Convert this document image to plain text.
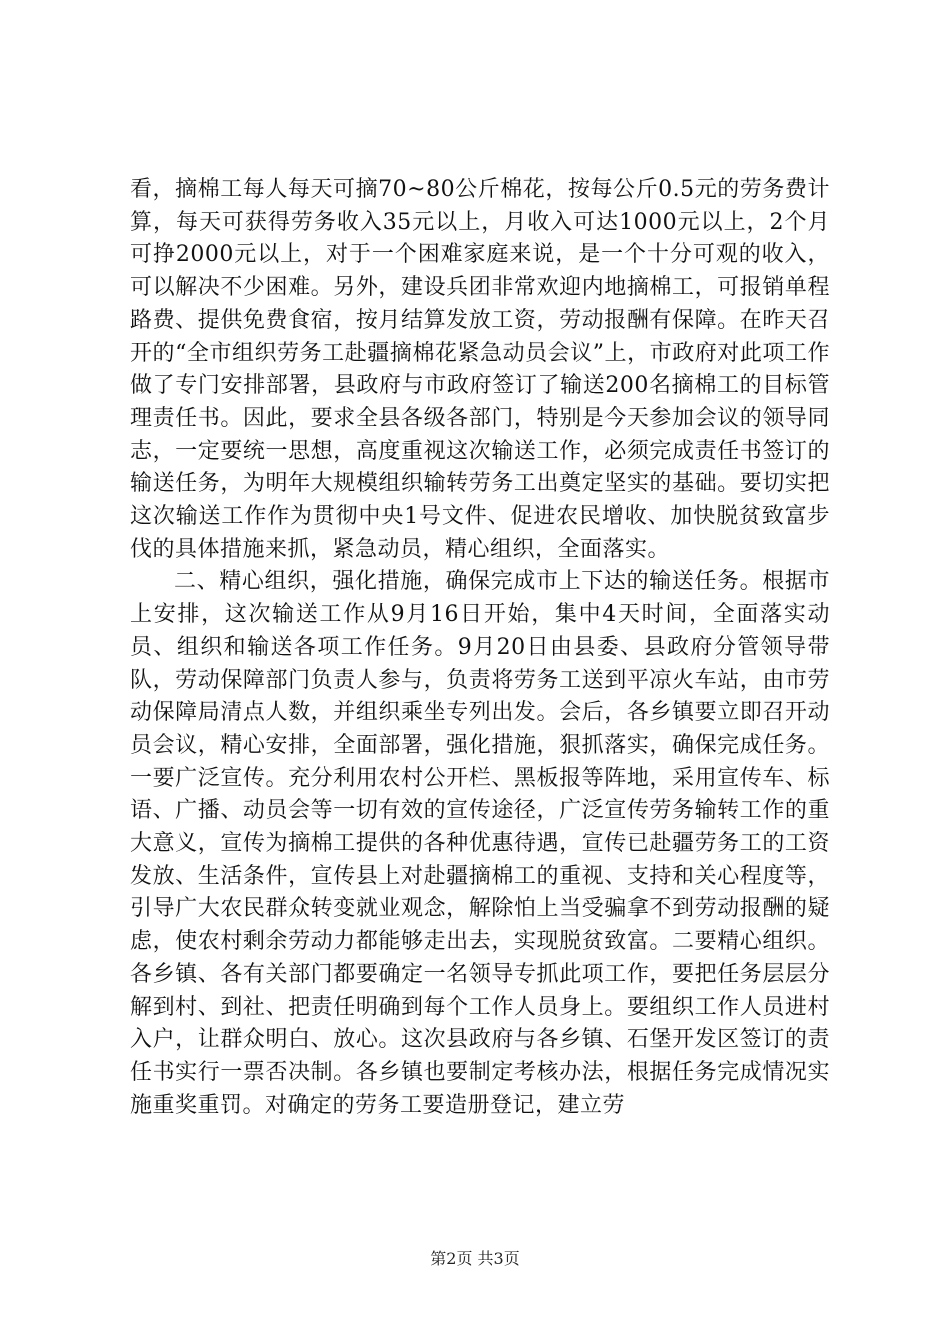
看，摘棉工每人每天可摘70~80公斤棉花，按每公斤0.5元的劳务费计算，每天可获得劳务收入35元以上，月收入可达1000元以上，2个月可挣2000元以上，对于一个困难家庭来说，是一个十分可观的收入，可以解决不少困难。另外，建设兵团非常欢迎内地摘棉工，可报销单程路费、提供免费食宿，按月结算发放工资，劳动报酬有保障。在昨天召开的“全市组织劳务工赴疆摘棉花紧急动员会议”上，市政府对此项工作做了专门安排部署，县政府与市政府签订了输送200名摘棉工的目标管理责任书。因此，要求全县各级各部门，特别是今天参加会议的领导同志，一定要统一思想，高度重视这次输送工作，必须完成责任书签订的输送任务，为明年大规模组织输转劳务工出奠定坚实的基础。要切实把这次输送工作作为贯彻中央1号文件、促进农民增收、加快脱贫致富步伐的具体措施来抓，紧急动员，精心组织，全面落实。
二、精心组织，强化措施，确保完成市上下达的输送任务。根据市上安排，这次输送工作从9月16日开始，集中4天时间，全面落实动员、组织和输送各项工作任务。9月20日由县委、县政府分管领导带队，劳动保障部门负责人参与，负责将劳务工送到平凉火车站，由市劳动保障局清点人数，并组织乘坐专列出发。会后，各乡镇要立即召开动员会议，精心安排，全面部署，强化措施，狠抓落实，确保完成任务。一要广泛宣传。充分利用农村公开栏、黑板报等阵地，采用宣传车、标语、广播、动员会等一切有效的宣传途径，广泛宣传劳务输转工作的重大意义，宣传为摘棉工提供的各种优惠待遇，宣传已赴疆劳务工的工资发放、生活条件，宣传县上对赴疆摘棉工的重视、支持和关心程度等，引导广大农民群众转变就业观念，解除怕上当受骗拿不到劳动报酬的疑虑，使农村剩余劳动力都能够走出去，实现脱贫致富。二要精心组织。各乡镇、各有关部门都要确定一名领导专抓此项工作，要把任务层层分解到村、到社、把责任明确到每个工作人员身上。要组织工作人员进村入户，让群众明白、放心。这次县政府与各乡镇、石堡开发区签订的责任书实行一票否决制。各乡镇也要制定考核办法，根据任务完成情况实施重奖重罚。对确定的劳务工要造册登记，建立劳
第2页 共3页
